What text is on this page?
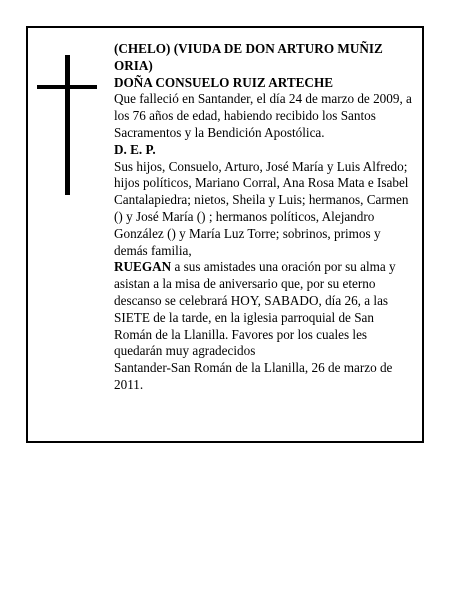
(CHELO) (VIUDA DE DON ARTURO MUÑIZ ORIA)

DOÑA CONSUELO RUIZ ARTECHE

Que falleció en Santander, el día 24 de marzo de 2009, a los 76 años de edad, habiendo recibido los Santos Sacramentos y la Bendición Apostólica.

D. E. P.

Sus hijos, Consuelo, Arturo, José María y Luis Alfredo; hijos políticos, Mariano Corral, Ana Rosa Mata e Isabel Cantalapiedra; nietos, Sheila y Luis; hermanos, Carmen () y José María () ; hermanos políticos, Alejandro González () y María Luz Torre; sobrinos, primos y demás familia,

RUEGAN a sus amistades una oración por su alma y asistan a la misa de aniversario que, por su eterno descanso se celebrará HOY, SABADO, día 26, a las SIETE de la tarde, en la iglesia parroquial de San Román de la Llanilla. Favores por los cuales les quedarán muy agradecidos

Santander-San Román de la Llanilla, 26 de marzo de 2011.
